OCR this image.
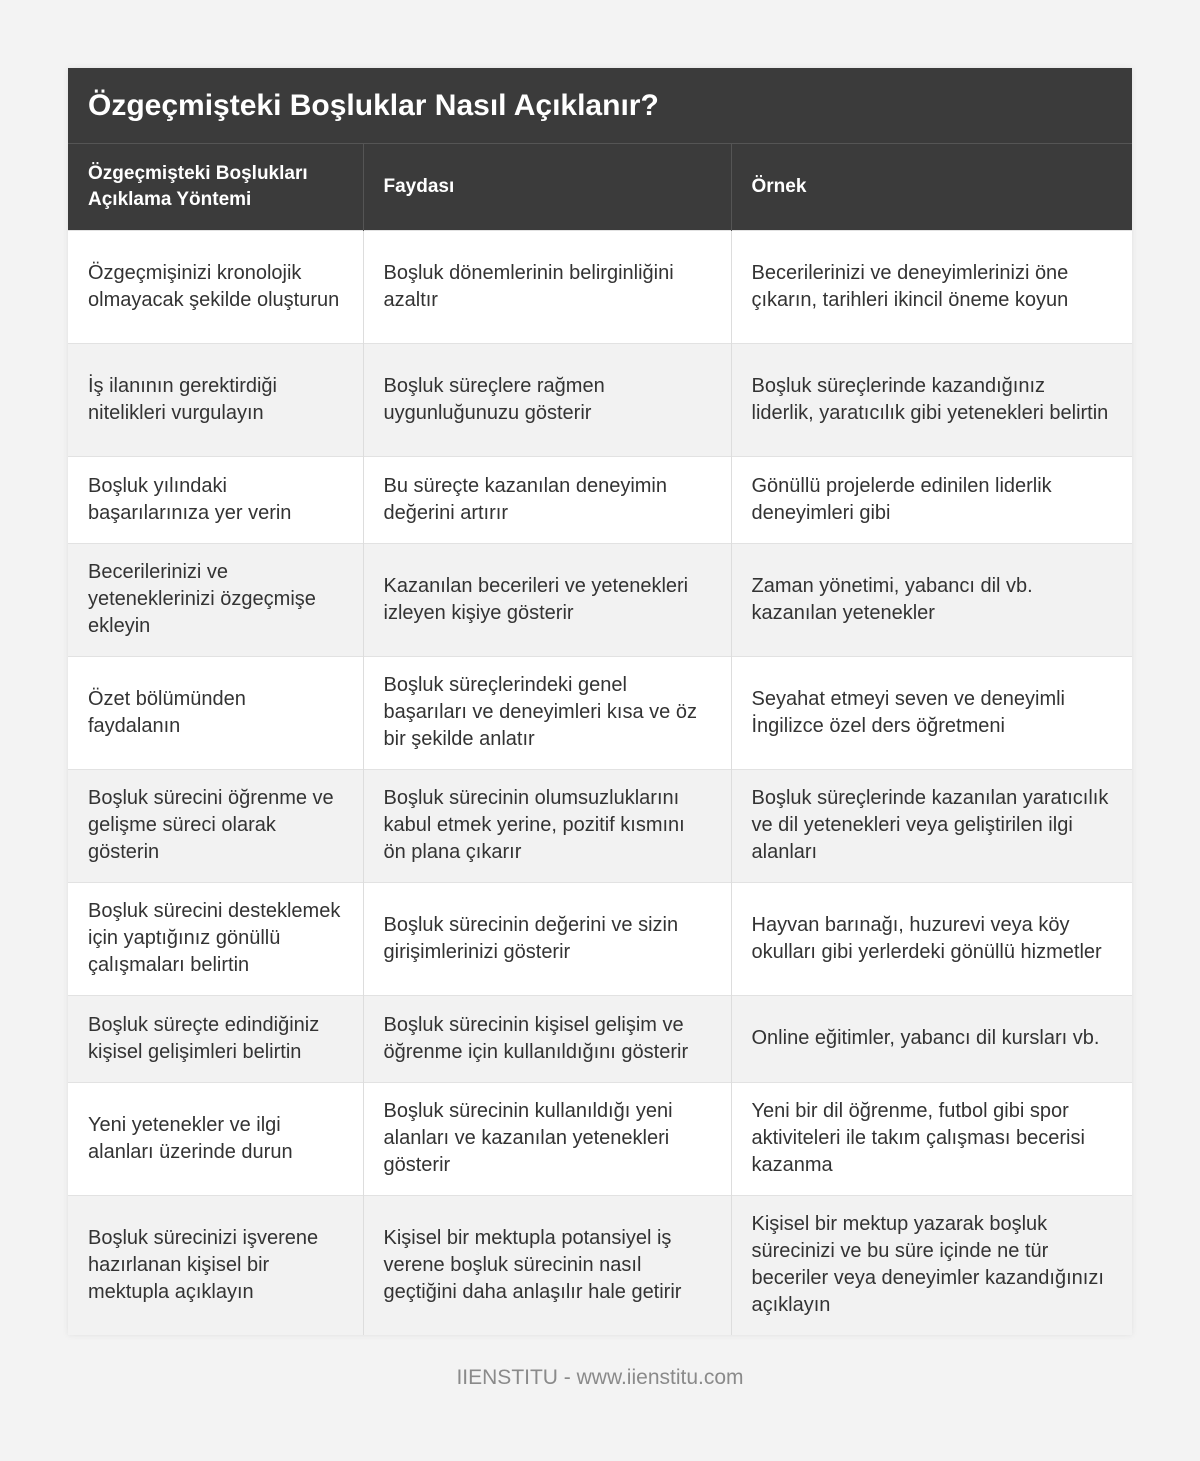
Özgeçmişteki Boşluklar Nasıl Açıklanır?
Özgeçmişteki Boşlukları Açıklama Yöntemi	Faydası	Örnek
Özgeçmişinizi kronolojik olmayacak şekilde oluşturun	Boşluk dönemlerinin belirginliğini azaltır	Becerilerinizi ve deneyimlerinizi öne çıkarın, tarihleri ikincil öneme koyun
İş ilanının gerektirdiği nitelikleri vurgulayın	Boşluk süreçlere rağmen uygunluğunuzu gösterir	Boşluk süreçlerinde kazandığınız liderlik, yaratıcılık gibi yetenekleri belirtin
Boşluk yılındaki başarılarınıza yer verin	Bu süreçte kazanılan deneyimin değerini artırır	Gönüllü projelerde edinilen liderlik deneyimleri gibi
Becerilerinizi ve yeteneklerinizi özgeçmişe ekleyin	Kazanılan becerileri ve yetenekleri izleyen kişiye gösterir	Zaman yönetimi, yabancı dil vb. kazanılan yetenekler
Özet bölümünden faydalanın	Boşluk süreçlerindeki genel başarıları ve deneyimleri kısa ve öz bir şekilde anlatır	Seyahat etmeyi seven ve deneyimli İngilizce özel ders öğretmeni
Boşluk sürecini öğrenme ve gelişme süreci olarak gösterin	Boşluk sürecinin olumsuzluklarını kabul etmek yerine, pozitif kısmını ön plana çıkarır	Boşluk süreçlerinde kazanılan yaratıcılık ve dil yetenekleri veya geliştirilen ilgi alanları
Boşluk sürecini desteklemek için yaptığınız gönüllü çalışmaları belirtin	Boşluk sürecinin değerini ve sizin girişimlerinizi gösterir	Hayvan barınağı, huzurevi veya köy okulları gibi yerlerdeki gönüllü hizmetler
Boşluk süreçte edindiğiniz kişisel gelişimleri belirtin	Boşluk sürecinin kişisel gelişim ve öğrenme için kullanıldığını gösterir	Online eğitimler, yabancı dil kursları vb.
Yeni yetenekler ve ilgi alanları üzerinde durun	Boşluk sürecinin kullanıldığı yeni alanları ve kazanılan yetenekleri gösterir	Yeni bir dil öğrenme, futbol gibi spor aktiviteleri ile takım çalışması becerisi kazanma
Boşluk sürecinizi işverene hazırlanan kişisel bir mektupla açıklayın	Kişisel bir mektupla potansiyel iş verene boşluk sürecinin nasıl geçtiğini daha anlaşılır hale getirir	Kişisel bir mektup yazarak boşluk sürecinizi ve bu süre içinde ne tür beceriler veya deneyimler kazandığınızı açıklayın
IIENSTITU - www.iienstitu.com
